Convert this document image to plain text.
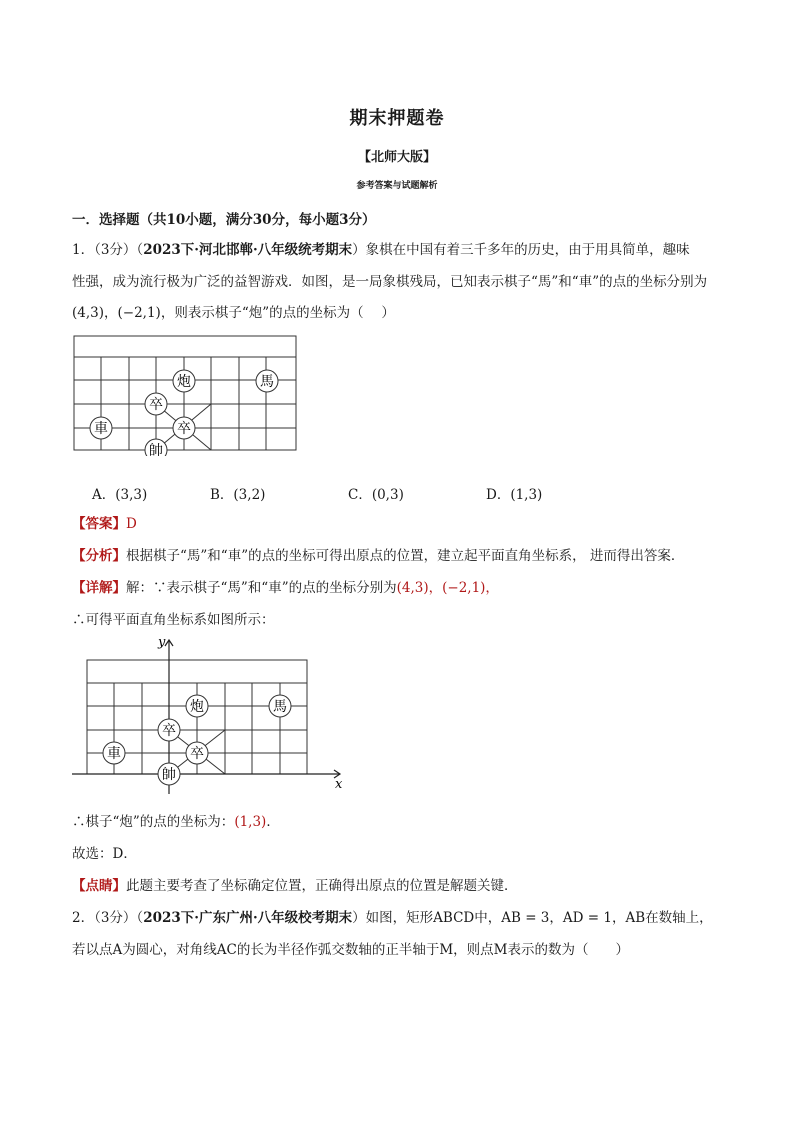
期末押题卷
【北师大版】
参考答案与试题解析
一．选择题（共10小题，满分30分，每小题3分）
1．（3分）（2023下·河北邯郸·八年级统考期末）象棋在中国有着三千多年的历史，由于用具简单，趣味
性强，成为流行极为广泛的益智游戏．如图，是一局象棋残局，已知表示棋子“馬”和“車”的点的坐标分别为
(4,3)，(−2,1)，则表示棋子“炮”的点的坐标为（　 ）
炮	馬
卒
卒
車
帥
A．(3,3)	B．(3,2)	C．(0,3)	D．(1,3)
【答案】D
【分析】根据棋子“馬”和“車”的点的坐标可得出原点的位置，建立起平面直角坐标系， 进而得出答案．
【详解】解：∵表示棋子“馬”和“車”的点的坐标分别为(4,3)，(−2,1)，
∴可得平面直角坐标系如图所示：
x
y
炮	馬
卒
卒
車
帥
∴棋子“炮”的点的坐标为：(1,3)．
故选：D．
【点睛】此题主要考查了坐标确定位置，正确得出原点的位置是解题关键．
2．（3分）（2023下·广东广州·八年级校考期末）如图，矩形ABCD中，AB = 3，AD = 1，AB在数轴上，
若以点A为圆心，对角线AC的长为半径作弧交数轴的正半轴于M，则点M表示的数为（　　）
